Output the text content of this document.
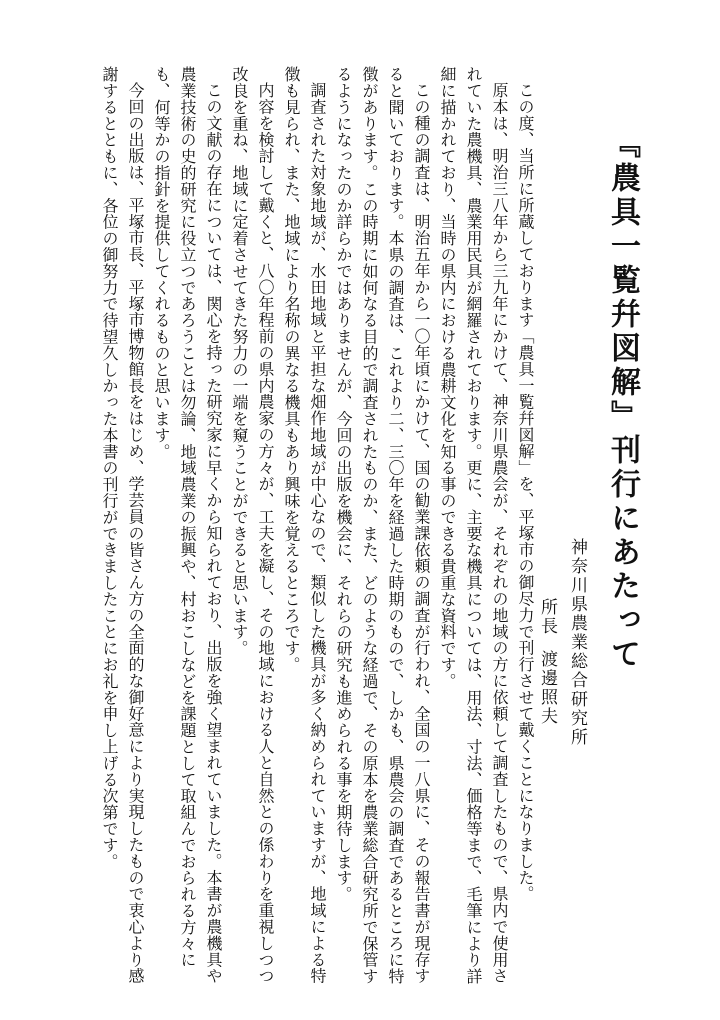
『農具一覧幷図解』刊行にあたって
神奈川県農業総合研究所
所長渡邊照夫

この度、当所に所蔵しております「農具一覧幷図解」を、平塚市の御尽力で刊行させて戴くことになりました。

原本は、明治三八年から三九年にかけて、神奈川県農会が、それぞれの地域の方に依頼して調査したもので、県内で使用されていた農機具、農業用民具が網羅されております。更に、主要な機具については、用法、寸法、価格等まで、毛筆により詳細に描かれており、当時の県内における農耕文化を知る事のできる貴重な資料です。

この種の調査は、明治五年から一〇年頃にかけて、国の勧業課依頼の調査が行われ、全国の一八県に、その報告書が現存すると聞いております。本県の調査は、これより二、三〇年を経過した時期のもので、しかも、県農会の調査であるところに特徴があります。この時期に如何なる目的で調査されたものか、また、どのような経過で、その原本を農業総合研究所で保管するようになったのか詳らかではありませんが、今回の出版を機会に、それらの研究も進められる事を期待します。

調査された対象地域が、水田地域と平担な畑作地域が中心なので、類似した機具が多く納められていますが、地域による特徴も見られ、また、地域により名称の異なる機具もあり興味を覚えるところです。

内容を検討して戴くと、八〇年程前の県内農家の方々が、工夫を凝し、その地域における人と自然との係わりを重視しつつ改良を重ね、地域に定着させてきた努力の一端を窺うことができると思います。

この文献の存在については、関心を持った研究家に早くから知られており、出版を強く望まれていました。本書が農機具や農業技術の史的研究に役立つであろうことは勿論、地域農業の振興や、村おこしなどを課題として取組んでおられる方々にも、何等かの指針を提供してくれるものと思います。

今回の出版は、平塚市長、平塚市博物館長をはじめ、学芸員の皆さん方の全面的な御好意により実現したもので衷心より感謝するとともに、各位の御努力で待望久しかった本書の刊行ができましたことにお礼を申し上げる次第です。
